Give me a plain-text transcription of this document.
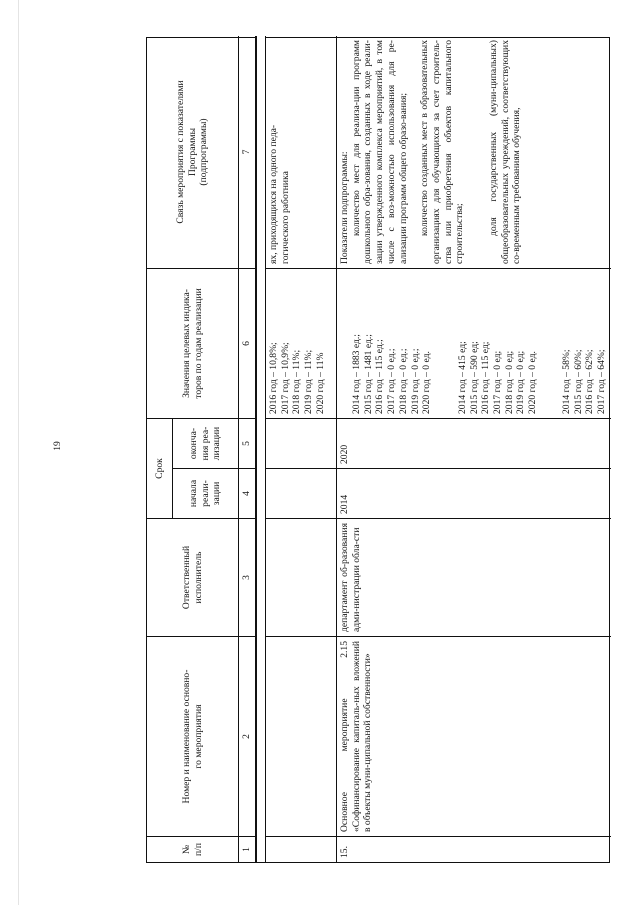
19
№
п/п
Номер и наименование основно-
го мероприятия
Ответственный
исполнитель
Срок
начала
реали-
зации
оконча-
ния реа-
лизации
Значения целевых индика-
торов по годам реализации
Связь мероприятия с показателями
Программы
(подпрограммы)
1
2
3
4
5
6
7
2016 год – 10,8%;
2017 год – 10,9%;
2018 год – 11%;
2019 год – 11%;
2020 год – 11%
ях, приходящихся на одного педа-
гогического работника
15.
Основное мероприятие 2.15 «Софинансирование капиталь-ных вложений в объекты муни-ципальной собственности»
департамент об-разования адми-нистрации обла-сти
2014
2020
2014 год – 1883 ед.;
2015 год – 1481 ед.;
2016 год – 115 ед.;
2017 год – 0 ед.;
2018 год – 0 ед.;
2019 год – 0 ед.;
2020 год – 0 ед.
2014 год – 415 ед;
2015 год – 590 ед;
2016 год – 115 ед;
2017 год – 0 ед;
2018 год – 0 ед;
2019 год – 0 ед;
2020 год – 0 ед.
2014 год – 58%;
2015 год – 60%;
2016 год – 62%;
2017 год – 64%;
Показатели подпрограммы: количество мест для реализа-ции программ дошкольного обра-зования, созданных в ходе реали-зации утвержденного комплекса мероприятий, в том числе с воз-можностью использования для ре-ализации программ общего образо-вания; количество созданных мест в образовательных организациях для обучающихся за счет строитель-ства или приобретения объектов капитального строительства; доля государственных (муни-ципальных) общеобразовательных учреждений, соответствующих со-временным требованиям обучения,
